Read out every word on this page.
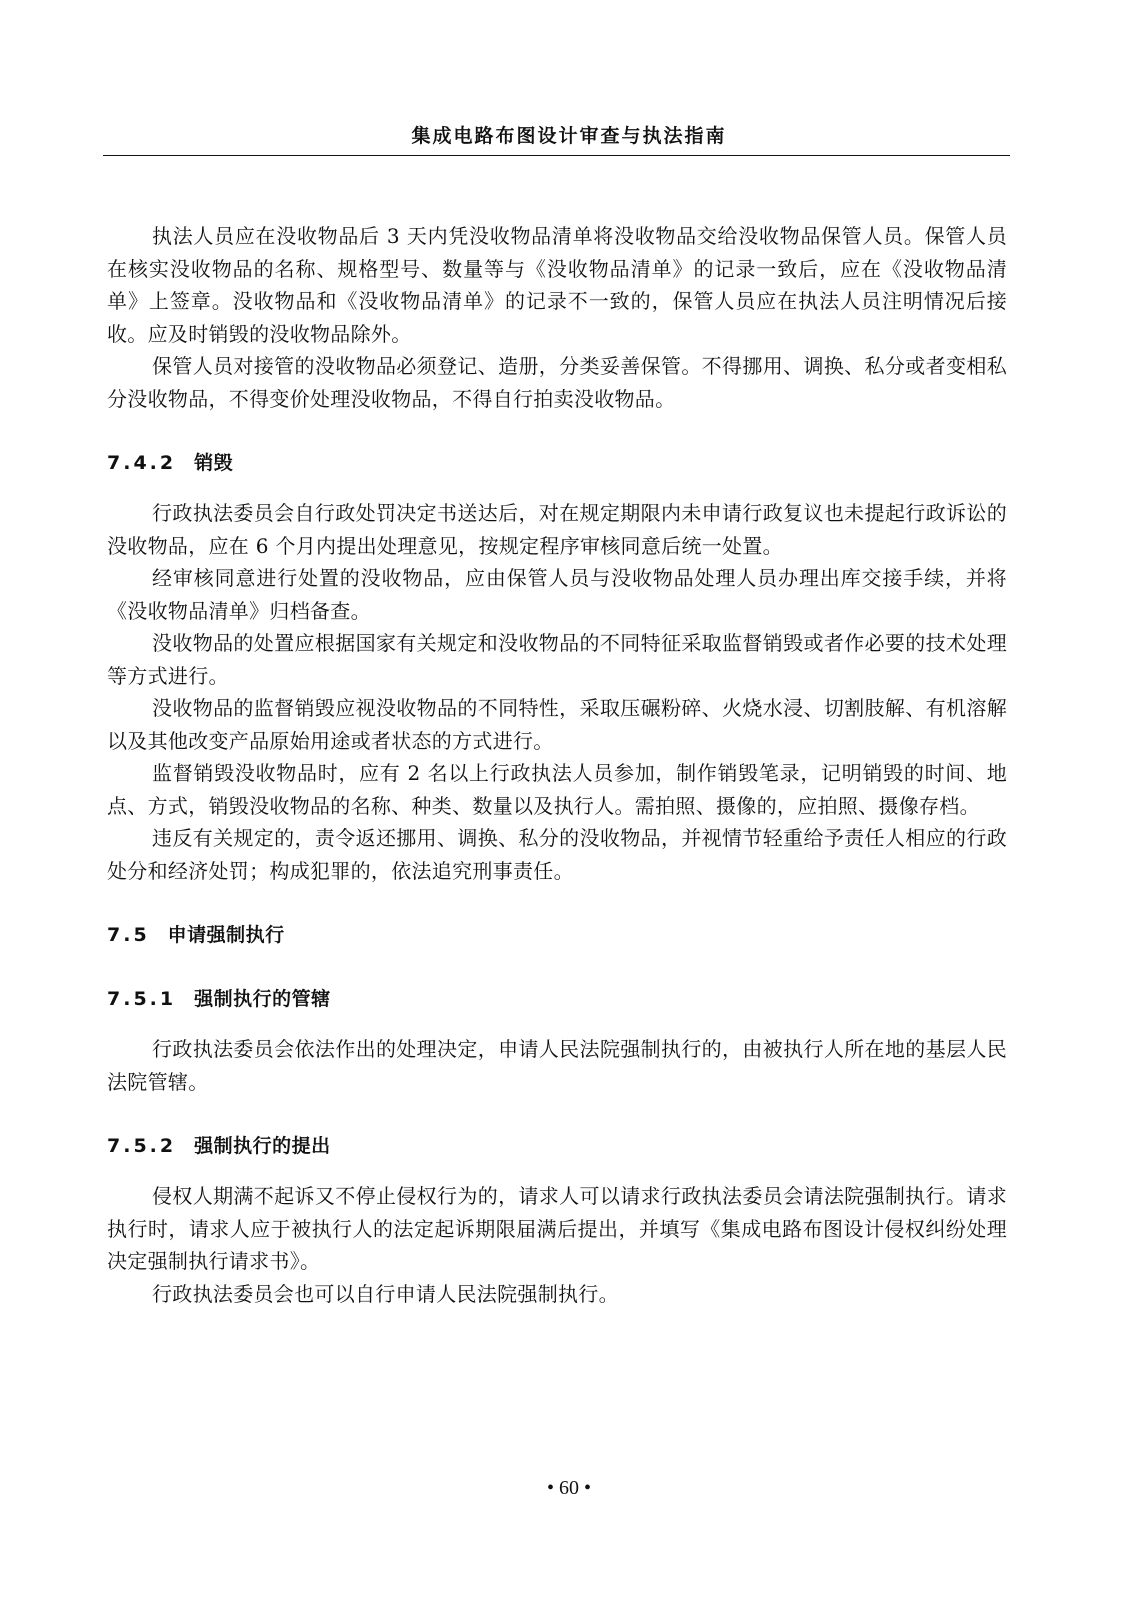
集成电路布图设计审查与执法指南

执法人员应在没收物品后 3 天内凭没收物品清单将没收物品交给没收物品保管人员。保管人员在核实没收物品的名称、规格型号、数量等与《没收物品清单》的记录一致后，应在《没收物品清单》上签章。没收物品和《没收物品清单》的记录不一致的，保管人员应在执法人员注明情况后接收。应及时销毁的没收物品除外。

保管人员对接管的没收物品必须登记、造册，分类妥善保管。不得挪用、调换、私分或者变相私分没收物品，不得变价处理没收物品，不得自行拍卖没收物品。

7.4.2 销毁

行政执法委员会自行政处罚决定书送达后，对在规定期限内未申请行政复议也未提起行政诉讼的没收物品，应在 6 个月内提出处理意见，按规定程序审核同意后统一处置。

经审核同意进行处置的没收物品，应由保管人员与没收物品处理人员办理出库交接手续，并将《没收物品清单》归档备查。

没收物品的处置应根据国家有关规定和没收物品的不同特征采取监督销毁或者作必要的技术处理等方式进行。

没收物品的监督销毁应视没收物品的不同特性，采取压碾粉碎、火烧水浸、切割肢解、有机溶解以及其他改变产品原始用途或者状态的方式进行。

监督销毁没收物品时，应有 2 名以上行政执法人员参加，制作销毁笔录，记明销毁的时间、地点、方式，销毁没收物品的名称、种类、数量以及执行人。需拍照、摄像的，应拍照、摄像存档。

违反有关规定的，责令返还挪用、调换、私分的没收物品，并视情节轻重给予责任人相应的行政处分和经济处罚；构成犯罪的，依法追究刑事责任。

7.5 申请强制执行
7.5.1 强制执行的管辖

行政执法委员会依法作出的处理决定，申请人民法院强制执行的，由被执行人所在地的基层人民法院管辖。

7.5.2 强制执行的提出

侵权人期满不起诉又不停止侵权行为的，请求人可以请求行政执法委员会请法院强制执行。请求执行时，请求人应于被执行人的法定起诉期限届满后提出，并填写《集成电路布图设计侵权纠纷处理决定强制执行请求书》。

行政执法委员会也可以自行申请人民法院强制执行。

• 60 •
